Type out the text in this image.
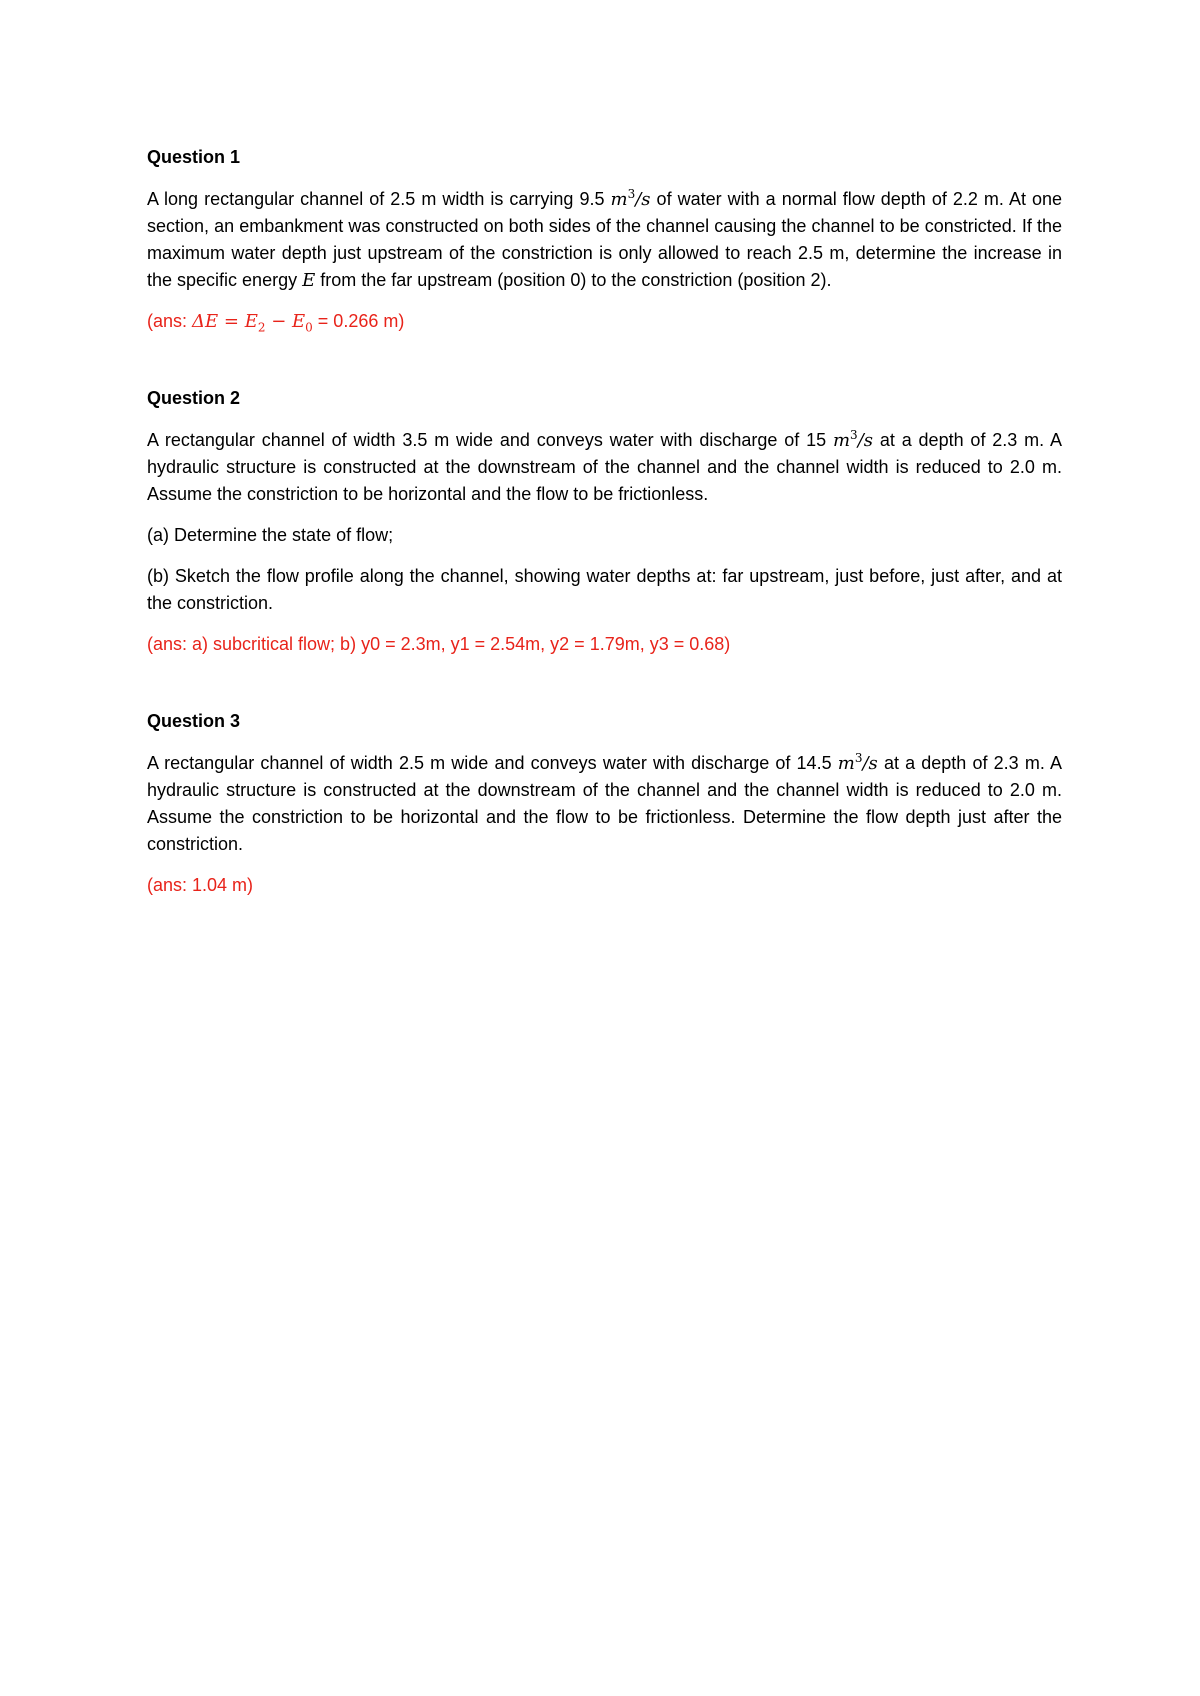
Question 1

A long rectangular channel of 2.5 m width is carrying 9.5 $m^3/s$ of water with a normal flow depth of 2.2 m. At one section, an embankment was constructed on both sides of the channel causing the channel to be constricted. If the maximum water depth just upstream of the constriction is only allowed to reach 2.5 m, determine the increase in the specific energy E from the far upstream (position 0) to the constriction (position 2).

(ans: $\Delta E = E_2 - E_0 = 0.266$ m)

Question 2

A rectangular channel of width 3.5 m wide and conveys water with discharge of 15 $m^3/s$ at a depth of 2.3 m. A hydraulic structure is constructed at the downstream of the channel and the channel width is reduced to 2.0 m. Assume the constriction to be horizontal and the flow to be frictionless.

(a) Determine the state of flow;

(b) Sketch the flow profile along the channel, showing water depths at: far upstream, just before, just after, and at the constriction.

(ans: a) subcritical flow; b) y0 = 2.3m, y1 = 2.54m, y2 = 1.79m, y3 = 0.68)

Question 3

A rectangular channel of width 2.5 m wide and conveys water with discharge of 14.5 $m^3/s$ at a depth of 2.3 m. A hydraulic structure is constructed at the downstream of the channel and the channel width is reduced to 2.0 m. Assume the constriction to be horizontal and the flow to be frictionless. Determine the flow depth just after the constriction.

(ans: 1.04 m)
